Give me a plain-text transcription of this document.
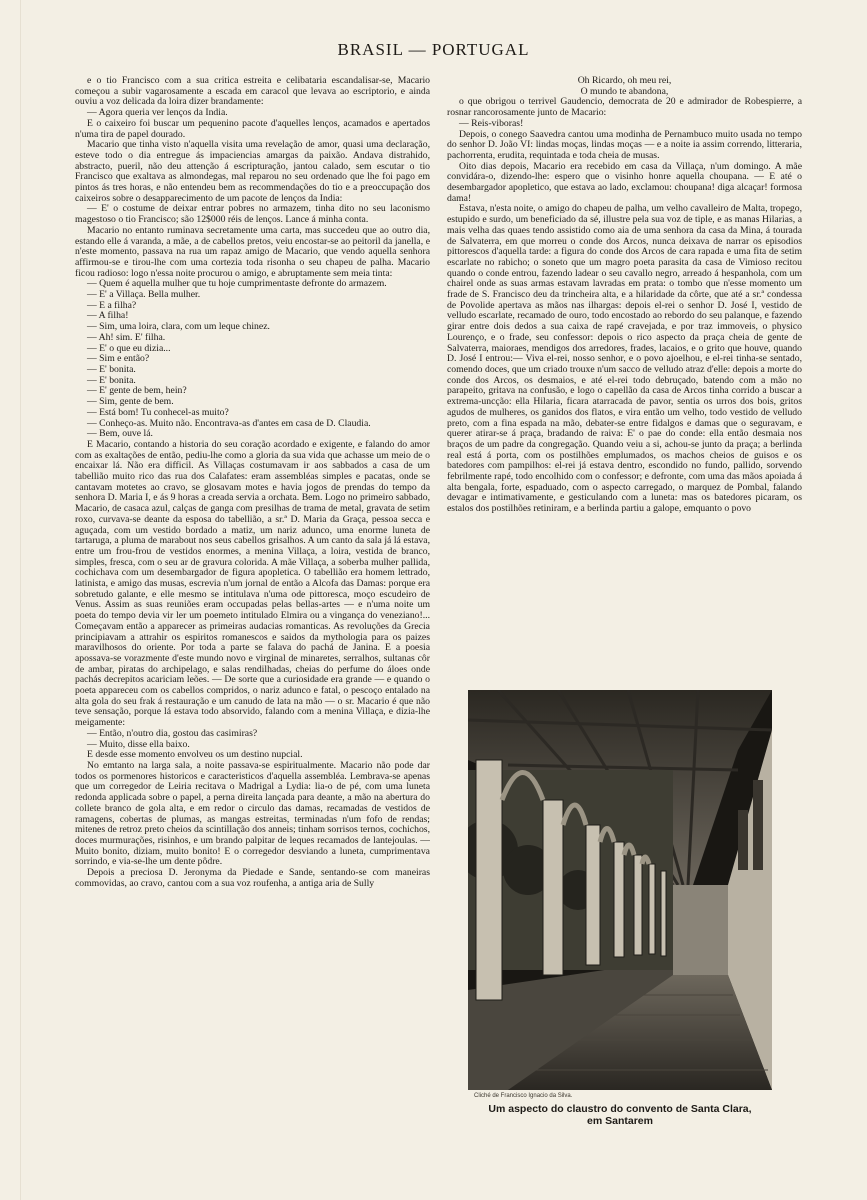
BRASIL — PORTUGAL

e o tio Francisco com a sua critica estreita e celibataria escandalisar-se, Macario começou a subir vagarosamente a escada em caracol que levava ao escriptorio, e ainda ouviu a voz delicada da loira dizer brandamente:

— Agora queria ver lenços da India.

E o caixeiro foi buscar um pequenino pacote d'aquelles lenços, acamados e apertados n'uma tira de papel dourado.

Macario que tinha visto n'aquella visita uma revelação de amor, quasi uma declaração, esteve todo o dia entregue ás impaciencias amargas da paixão. Andava distrahido, abstracto, pueril, não deu attenção á escripturação, jantou calado, sem escutar o tio Francisco que exaltava as almondegas, mal reparou no seu ordenado que lhe foi pago em pintos ás tres horas, e não entendeu bem as recommendações do tio e a preoccupação dos caixeiros sobre o desapparecimento de um pacote de lenços da India:

— E' o costume de deixar entrar pobres no armazem, tinha dito no seu laconismo magestoso o tio Francisco; são 12$000 réis de lenços. Lance á minha conta.

Macario no entanto ruminava secretamente uma carta, mas succedeu que ao outro dia, estando elle á varanda, a mãe, a de cabellos pretos, veiu encostar-se ao peitoril da janella, e n'este momento, passava na rua um rapaz amigo de Macario, que vendo aquella senhora affirmou-se e tirou-lhe com uma cortezia toda risonha o seu chapeu de palha. Macario ficou radioso: logo n'essa noite procurou o amigo, e abruptamente sem meia tinta:

— Quem é aquella mulher que tu hoje cumprimentaste defronte do armazem.

— E' a Villaça. Bella mulher.

— E a filha?

— A filha!

— Sim, uma loira, clara, com um leque chinez.

— Ah! sim. E' filha.

— E' o que eu dizia...

— Sim e então?

— E' bonita.

— E' bonita.

— E' gente de bem, hein?

— Sim, gente de bem.

— Está bom! Tu conhecel-as muito?

— Conheço-as. Muito não. Encontrava-as d'antes em casa de D. Claudia.

— Bem, ouve lá.

E Macario, contando a historia do seu coração acordado e exigente, e falando do amor com as exaltações de então, pediu-lhe como a gloria da sua vida que achasse um meio de o encaixar lá. Não era difficil. As Villaças costumavam ir aos sabbados a casa de um tabellião muito rico das rua dos Calafates: eram assembléas simples e pacatas, onde se cantavam motetes ao cravo, se glosavam motes e havia jogos de prendas do tempo da senhora D. Maria I, e ás 9 horas a creada servia a orchata. Bem. Logo no primeiro sabbado, Macario, de casaca azul, calças de ganga com presilhas de trama de metal, gravata de setim roxo, curvava-se deante da esposa do tabellião, a sr.ª D. Maria da Graça, pessoa secca e aguçada, com um vestido bordado a matiz, um nariz adunco, uma enorme luneta de tartaruga, a pluma de marabout nos seus cabellos grisalhos. A um canto da sala já lá estava, entre um frou-frou de vestidos enormes, a menina Villaça, a loira, vestida de branco, simples, fresca, com o seu ar de gravura colorida. A mãe Villaça, a soberba mulher pallida, cochichava com um desembargador de figura apopletica. O tabellião era homem lettrado, latinista, e amigo das musas, escrevia n'um jornal de então a Alcofa das Damas: porque era sobretudo galante, e elle mesmo se intitulava n'uma ode pittoresca, moço escudeiro de Venus. Assim as suas reuniões eram occupadas pelas bellas-artes — e n'uma noite um poeta do tempo devia vir ler um poemeto intitulado Elmira ou a vingança do veneziano!... Começavam então a apparecer as primeiras audacias romanticas. As revoluções da Grecia principiavam a attrahir os espiritos romanescos e saidos da mythologia para os paizes maravilhosos do oriente. Por toda a parte se falava do pachá de Janina. E a poesia apossava-se vorazmente d'este mundo novo e virginal de minaretes, serralhos, sultanas côr de ambar, piratas do archipelago, e salas rendilhadas, cheias do perfume do áloes onde pachás decrepitos acariciam leões. — De sorte que a curiosidade era grande — e quando o poeta appareceu com os cabellos compridos, o nariz adunco e fatal, o pescoço entalado na alta gola do seu frak á restauração e um canudo de lata na mão — o sr. Macario é que não teve sensação, porque lá estava todo absorvido, falando com a menina Villaça, e dizia-lhe meigamente:

— Então, n'outro dia, gostou das casimiras?

— Muito, disse ella baixo.

E desde esse momento envolveu os um destino nupcial.

No emtanto na larga sala, a noite passava-se espiritualmente. Macario não pode dar todos os pormenores historicos e caracteristicos d'aquella assembléa. Lembrava-se apenas que um corregedor de Leiria recitava o Madrigal a Lydia: lia-o de pé, com uma luneta redonda applicada sobre o papel, a perna direita lançada para deante, a mão na abertura do collete branco de gola alta, e em redor o circulo das damas, recamadas de vestidos de ramagens, cobertas de plumas, as mangas estreitas, terminadas n'um fofo de rendas; mitenes de retroz preto cheios da scintillação dos anneis; tinham sorrisos ternos, cochichos, doces murmurações, risinhos, e um brando palpitar de leques recamados de lantejoulas. — Muito bonito, diziam, muito bonito! E o corregedor desviando a luneta, cumprimentava sorrindo, e via-se-lhe um dente pôdre.

Depois a preciosa D. Jeronyma da Piedade e Sande, sentando-se com maneiras commovidas, ao cravo, cantou com a sua voz roufenha, a antiga aria de Sully

Oh Ricardo, oh meu rei,
O mundo te abandona,

o que obrigou o terrivel Gaudencio, democrata de 20 e admirador de Robespierre, a rosnar rancorosamente junto de Macario:

— Reis-viboras!

Depois, o conego Saavedra cantou uma modinha de Pernambuco muito usada no tempo do senhor D. João VI: lindas moças, lindas moças — e a noite ia assim correndo, litteraria, pachorrenta, erudita, requintada e toda cheia de musas.

Oito dias depois, Macario era recebido em casa da Villaça, n'um domingo. A mãe convidára-o, dizendo-lhe: espero que o visinho honre aquella choupana. — E até o desembargador apopletico, que estava ao lado, exclamou: choupana! diga alcaçar! formosa dama!

Estava, n'esta noite, o amigo do chapeu de palha, um velho cavalleiro de Malta, tropego, estupido e surdo, um beneficiado da sé, illustre pela sua voz de tiple, e as manas Hilarias, a mais velha das quaes tendo assistido como aia de uma senhora da casa da Mina, á tourada de Salvaterra, em que morreu o conde dos Arcos, nunca deixava de narrar os episodios pittorescos d'aquella tarde: a figura do conde dos Arcos de cara rapada e uma fita de setim escarlate no rabicho; o soneto que um magro poeta parasita da casa de Vimioso recitou quando o conde entrou, fazendo ladear o seu cavallo negro, arreado á hespanhola, com um chairel onde as suas armas estavam lavradas em prata: o tombo que n'esse momento um frade de S. Francisco deu da trincheira alta, e a hilaridade da côrte, que até a sr.ª condessa de Povolide apertava as mãos nas ilhargas: depois el-rei o senhor D. José I, vestido de velludo escarlate, recamado de ouro, todo encostado ao rebordo do seu palanque, e fazendo girar entre dois dedos a sua caixa de rapé cravejada, e por traz immoveis, o physico Lourenço, e o frade, seu confessor: depois o rico aspecto da praça cheia de gente de Salvaterra, maioraes, mendigos dos arredores, frades, lacaios, e o grito que houve, quando D. José I entrou:— Viva el-rei, nosso senhor, e o povo ajoelhou, e el-rei tinha-se sentado, comendo doces, que um criado trouxe n'um sacco de velludo atraz d'elle: depois a morte do conde dos Arcos, os desmaios, e até el-rei todo debruçado, batendo com a mão no parapeito, gritava na confusão, e logo o capellão da casa de Arcos tinha corrido a buscar a extrema-uncção: ella Hilaria, ficara atarracada de pavor, sentia os urros dos bois, gritos agudos de mulheres, os ganidos dos flatos, e vira então um velho, todo vestido de velludo preto, com a fina espada na mão, debater-se entre fidalgos e damas que o seguravam, e querer atirar-se á praça, bradando de raiva: E' o pae do conde: ella então desmaia nos braços de um padre da congregação. Quando veiu a si, achou-se junto da praça; a berlinda real está á porta, com os postilhões emplumados, os machos cheios de guisos e os batedores com pampilhos: el-rei já estava dentro, escondido no fundo, pallido, sorvendo febrilmente rapé, todo encolhido com o confessor; e defronte, com uma das mãos apoiada á alta bengala, forte, espaduado, com o aspecto carregado, o marquez de Pombal, falando devagar e intimativamente, e gesticulando com a luneta: mas os batedores picaram, os estalos dos postilhões retiniram, e a berlinda partiu a galope, emquanto o povo

Cliché de Francisco Ignacio da Silva.
Um aspecto do claustro do convento de Santa Clara,
em Santarem
